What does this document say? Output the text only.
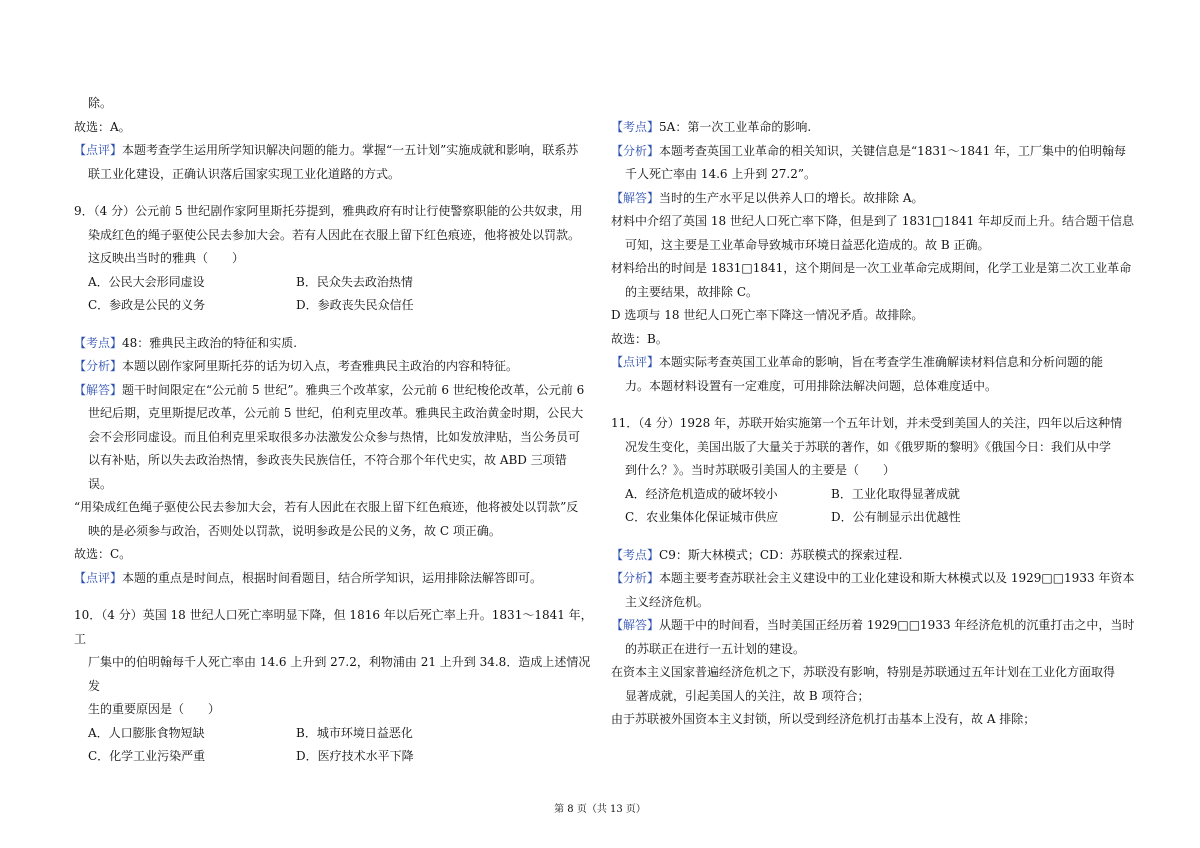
除。

故选：A。

【点评】本题考查学生运用所学知识解决问题的能力。掌握“一五计划”实施成就和影响，联系苏

联工业化建设，正确认识落后国家实现工业化道路的方式。

9．（4 分）公元前 5 世纪剧作家阿里斯托芬提到，雅典政府有时让行使警察职能的公共奴隶，用

染成红色的绳子驱使公民去参加大会。若有人因此在衣服上留下红色痕迹，他将被处以罚款。

这反映出当时的雅典（　　）

A．公民大会形同虚设	B．民众失去政治热情
C．参政是公民的义务	D．参政丧失民众信任

【考点】48：雅典民主政治的特征和实质.

【分析】本题以剧作家阿里斯托芬的话为切入点，考查雅典民主政治的内容和特征。

【解答】题干时间限定在“公元前 5 世纪”。雅典三个改革家，公元前 6 世纪梭伦改革，公元前 6

世纪后期，克里斯提尼改革，公元前 5 世纪，伯利克里改革。雅典民主政治黄金时期，公民大

会不会形同虚设。而且伯利克里采取很多办法激发公众参与热情，比如发放津贴，当公务员可

以有补贴，所以失去政治热情，参政丧失民族信任，不符合那个年代史实，故 ABD 三项错

误。

“用染成红色绳子驱使公民去参加大会，若有人因此在衣服上留下红色痕迹，他将被处以罚款”反

映的是必须参与政治，否则处以罚款，说明参政是公民的义务，故 C 项正确。

故选：C。

【点评】本题的重点是时间点，根据时间看题目，结合所学知识，运用排除法解答即可。

10．（4 分）英国 18 世纪人口死亡率明显下降，但 1816 年以后死亡率上升。1831～1841 年，工

厂集中的伯明翰每千人死亡率由 14.6 上升到 27.2，利物浦由 21 上升到 34.8．造成上述情况发

生的重要原因是（　　）

A．人口膨胀食物短缺	B．城市环境日益恶化
C．化学工业污染严重	D．医疗技术水平下降

【考点】5A：第一次工业革命的影响.

【分析】本题考查英国工业革命的相关知识，关键信息是“1831～1841 年，工厂集中的伯明翰每

千人死亡率由 14.6 上升到 27.2”。

【解答】当时的生产水平足以供养人口的增长。故排除 A。

材料中介绍了英国 18 世纪人口死亡率下降，但是到了 1831□1841 年却反而上升。结合题干信息

可知，这主要是工业革命导致城市环境日益恶化造成的。故 B 正确。

材料给出的时间是 1831□1841，这个期间是一次工业革命完成期间，化学工业是第二次工业革命

的主要结果，故排除 C。

D 选项与 18 世纪人口死亡率下降这一情况矛盾。故排除。

故选：B。

【点评】本题实际考查英国工业革命的影响，旨在考查学生准确解读材料信息和分析问题的能

力。本题材料设置有一定难度，可用排除法解决问题，总体难度适中。

11．（4 分）1928 年，苏联开始实施第一个五年计划，并未受到美国人的关注，四年以后这种情

况发生变化，美国出版了大量关于苏联的著作，如《俄罗斯的黎明》《俄国今日：我们从中学

到什么？》。当时苏联吸引美国人的主要是（　　）

A．经济危机造成的破坏较小	B．工业化取得显著成就
C．农业集体化保证城市供应	D．公有制显示出优越性

【考点】C9：斯大林模式；CD：苏联模式的探索过程.

【分析】本题主要考查苏联社会主义建设中的工业化建设和斯大林模式以及 1929□□1933 年资本

主义经济危机。

【解答】从题干中的时间看，当时美国正经历着 1929□□1933 年经济危机的沉重打击之中，当时

的苏联正在进行一五计划的建设。

在资本主义国家普遍经济危机之下，苏联没有影响，特别是苏联通过五年计划在工业化方面取得

显著成就，引起美国人的关注，故 B 项符合；

由于苏联被外国资本主义封锁，所以受到经济危机打击基本上没有，故 A 排除；

第 8 页（共 13 页）
